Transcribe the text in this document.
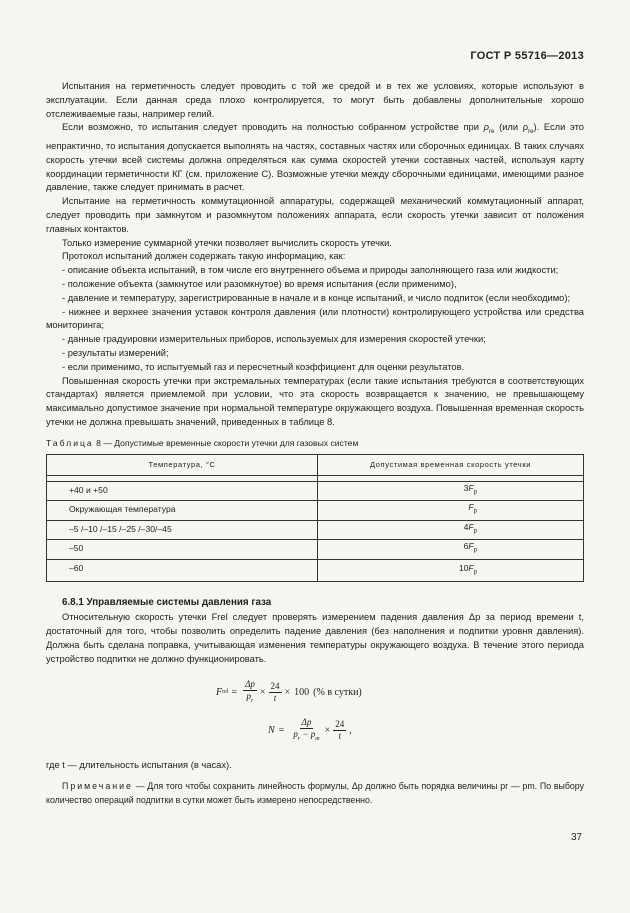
ГОСТ Р 55716—2013

Испытания на герметичность следует проводить с той же средой и в тех же условиях, которые используют в эксплуатации. Если данная среда плохо контролируется, то могут быть добавлены дополнительные хорошо отслеживаемые газы, например гелий.

Если возможно, то испытания следует проводить на полностью собранном устройстве при $\rho_{re}$ (или $\rho_{re}$). Если это непрактично, то испытания допускается выполнять на частях, составных частях или сборочных единицах. В таких случаях скорость утечки всей системы должна определяться как сумма скоростей утечки составных частей, используя карту координации герметичности КГ (см. приложение С). Возможные утечки между сборочными единицами, имеющими разное давление, также следует принимать в расчет.

Испытание на герметичность коммутационной аппаратуры, содержащей механический коммутационный аппарат, следует проводить при замкнутом и разомкнутом положениях аппарата, если скорость утечки зависит от положения главных контактов.

Только измерение суммарной утечки позволяет вычислить скорость утечки.

Протокол испытаний должен содержать такую информацию, как:

- описание объекта испытаний, в том числе его внутреннего объема и природы заполняющего газа или жидкости;

- положение объекта (замкнутое или разомкнутое) во время испытания (если применимо),

- давление и температуру, зарегистрированные в начале и в конце испытаний, и число подпиток (если необходимо);

- нижнее и верхнее значения уставок контроля давления (или плотности) контролирующего устройства или средства мониторинга;

- данные градуировки измерительных приборов, используемых для измерения скоростей утечки;

- результаты измерений;

- если применимо, то испытуемый газ и пересчетный коэффициент для оценки результатов.

Повышенная скорость утечки при экстремальных температурах (если такие испытания требуются в соответствующих стандартах) является приемлемой при условии, что эта скорость возвращается к значению, не превышающему максимально допустимое значение при нормальной температуре окружающего воздуха. Повышенная временная скорость утечки не должна превышать значений, приведенных в таблице 8.

Таблица 8 — Допустимые временные скорости утечки для газовых систем

Температура, °С	Допустимая временная скорость утечки

+40 и +50	$3F_p$
Окружающая температура	$F_p$
–5 /–10 /–15 /–25 /–30/–45	$4F_p$
–50	$6F_p$
–60	$10F_p$
6.8.1 Управляемые системы давления газа

Относительную скорость утечки Frel следует проверять измерением падения давления Δp за период времени t, достаточный для того, чтобы позволить определить падение давления (без наполнения и подпитки уровня давления). Должна быть сделана поправка, учитывающая изменения температуры окружающего воздуха. В течение этого периода устройство подпитки не должно функционировать.

F rel = $\frac{\Delta p}{p_r} \times \frac{24}{t} \times 100$ (% в сутки)
$N = \frac{\Delta p}{p_r - p_m} \times \frac{24}{t}$ ,

где t — длительность испытания (в часах).

Примечание — Для того чтобы сохранить линейность формулы, Δp должно быть порядка величины pr — pm. По выбору количество операций подпитки в сутки может быть измерено непосредственно.

37
